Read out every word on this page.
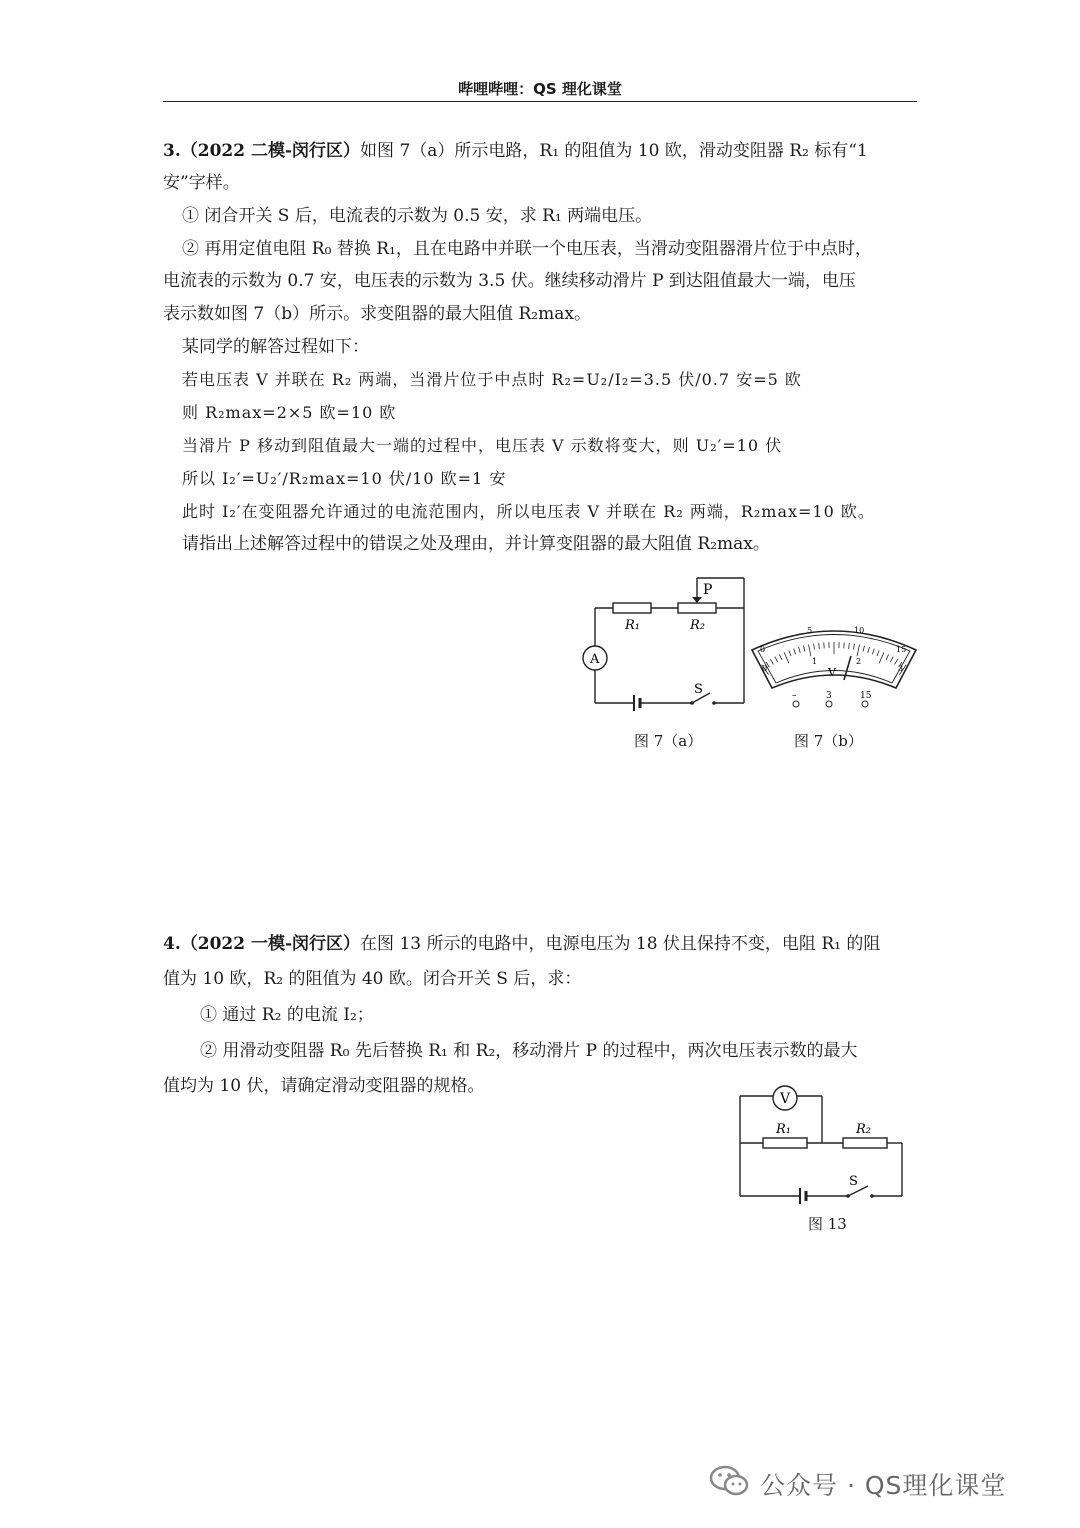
哔哩哔哩：QS 理化课堂
3.（2022 二模-闵行区）如图 7（a）所示电路，R₁ 的阻值为 10 欧，滑动变阻器 R₂ 标有“1
安”字样。
① 闭合开关 S 后，电流表的示数为 0.5 安，求 R₁ 两端电压。
② 再用定值电阻 R₀ 替换 R₁，且在电路中并联一个电压表，当滑动变阻器滑片位于中点时，
电流表的示数为 0.7 安，电压表的示数为 3.5 伏。继续移动滑片 P 到达阻值最大一端，电压
表示数如图 7（b）所示。求变阻器的最大阻值 R₂max。
某同学的解答过程如下：
若电压表 V 并联在 R₂ 两端，当滑片位于中点时 R₂=U₂/I₂=3.5 伏/0.7 安=5 欧
则 R₂max=2×5 欧=10 欧
当滑片 P 移动到阻值最大一端的过程中，电压表 V 示数将变大，则 U₂′=10 伏
所以 I₂′=U₂′/R₂max=10 伏/10 欧=1 安
此时 I₂′在变阻器允许通过的电流范围内，所以电压表 V 并联在 R₂ 两端，R₂max=10 欧。
请指出上述解答过程中的错误之处及理由，并计算变阻器的最大阻值 R₂max。
P
R₁	R₂
A
S
图 7（a）
0
5	10
15
0
1	2
3
V
–	3	15
图 7（b）
4.（2022 一模-闵行区）在图 13 所示的电路中，电源电压为 18 伏且保持不变，电阻 R₁ 的阻
值为 10 欧，R₂ 的阻值为 40 欧。闭合开关 S 后，求：
① 通过 R₂ 的电流 I₂；
② 用滑动变阻器 R₀ 先后替换 R₁ 和 R₂，移动滑片 P 的过程中，两次电压表示数的最大
值均为 10 伏，请确定滑动变阻器的规格。
V
R₁	R₂
S
图 13
公众号 · QS理化课堂
